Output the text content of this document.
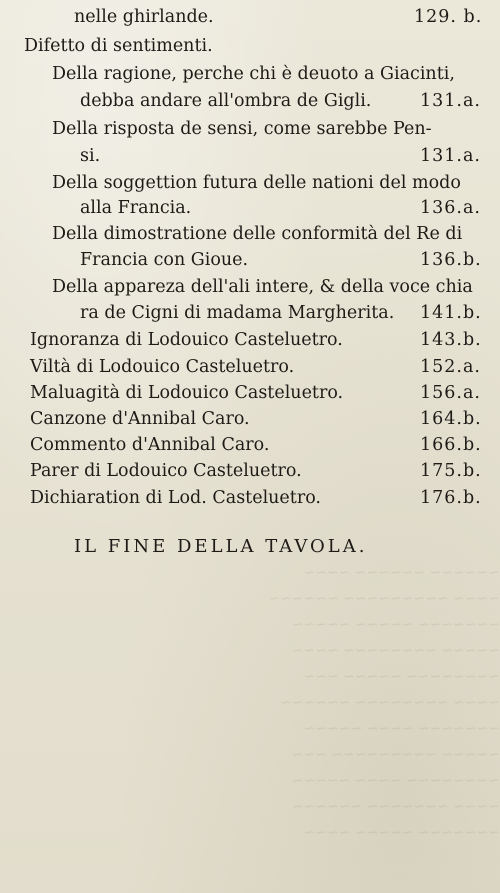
~~~~~~ ~~~~~~ ~~~~
~~~~ ~~~~~~~~~ ~~~~~~
~~~~~~~ ~~~~~ ~~~~~
~~~~~ ~~~~~~~~ ~~~~
~~~~~~~~ ~~~~~ ~~~
~~~~ ~~~~~~~~ ~~~~~~
~~~~~~~ ~~~~ ~~~~~
~~~~~ ~~~~~~~~~ ~~~
~~~~~~~~ ~~~~ ~~~~~
~~~~ ~~~~~~~ ~~~~~~
~~~~~~~ ~~~~~ ~~~~
nelle ghirlande.	129. b.
Difetto di sentimenti.
Della ragione, perche chi è deuoto a Giacinti,
debba andare all'ombra de Gigli.	131.a.
Della risposta de sensi, come sarebbe Pen-
si.	131.a.
Della soggettion futura delle nationi del modo
alla Francia.	136.a.
Della dimostratione delle conformità del Re di
Francia con Gioue.	136.b.
Della appareza dell'ali intere, & della voce chia
ra de Cigni di madama Margherita. 141.b.
Ignoranza di Lodouico Casteluetro.	143.b.
Viltà di Lodouico Casteluetro.	152.a.
Maluagità di Lodouico Casteluetro.	156.a.
Canzone d'Annibal Caro.	164.b.
Commento d'Annibal Caro.	166.b.
Parer di Lodouico Casteluetro.	175.b.
Dichiaration di Lod. Casteluetro.	176.b.
IL FINE DELLA TAVOLA.
